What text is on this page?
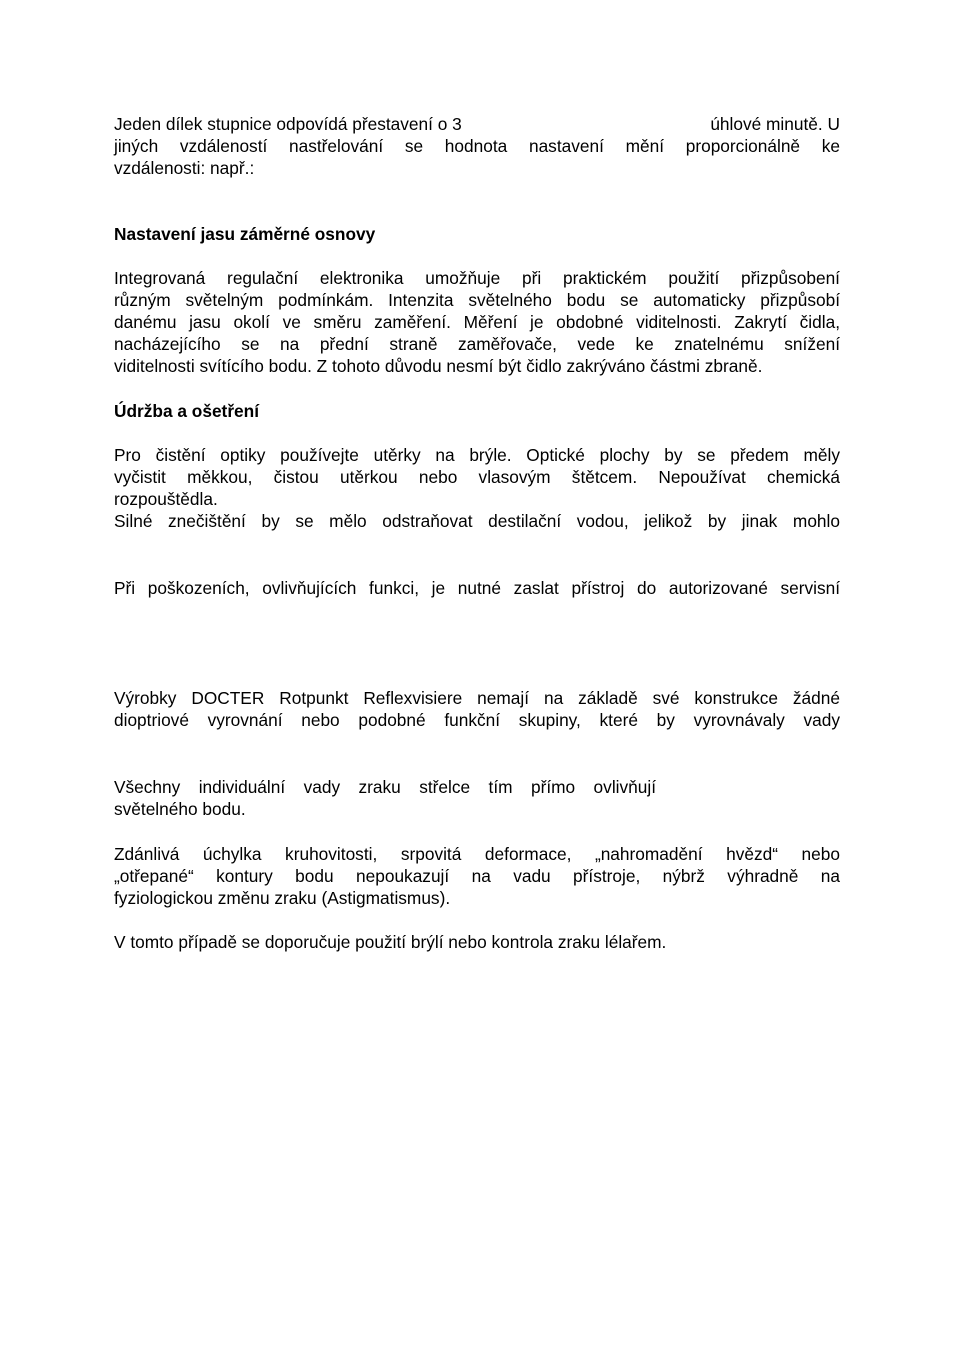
Jeden dílek stupnice odpovídá přestavení o 3	úhlové minutě. U
jiných vzdáleností nastřelování se hodnota nastavení mění proporcionálně ke
vzdálenosti: např.:
Nastavení jasu záměrné osnovy
Integrovaná regulační elektronika umožňuje při praktickém použití přizpůsobení
různým světelným podmínkám. Intenzita světelného bodu se automaticky přizpůsobí
danému jasu okolí ve směru zaměření. Měření je obdobné viditelnosti. Zakrytí čidla,
nacházejícího se na přední straně zaměřovače, vede ke znatelnému snížení
viditelnosti svítícího bodu. Z tohoto důvodu nesmí být čidlo zakrýváno částmi zbraně.
Údržba a ošetření
Pro čistění optiky používejte utěrky na brýle. Optické plochy by se předem měly
vyčistit měkkou, čistou utěrkou nebo vlasovým štětcem. Nepoužívat chemická
rozpouštědla.
Silné znečištění by se mělo odstraňovat destilační vodou, jelikož by jinak mohlo
Při poškozeních, ovlivňujících funkci, je nutné zaslat přístroj do autorizované servisní
Výrobky DOCTER Rotpunkt Reflexvisiere nemají na základě své konstrukce žádné
dioptriové vyrovnání nebo podobné funkční skupiny, které by vyrovnávaly vady
Všechny individuální vady zraku střelce tím přímo ovlivňují
světelného bodu.
Zdánlivá úchylka kruhovitosti, srpovitá deformace, „nahromadění hvězd“ nebo
„otřepané“ kontury bodu nepoukazují na vadu přístroje, nýbrž výhradně na
fyziologickou změnu zraku (Astigmatismus).
V tomto případě se doporučuje použití brýlí nebo kontrola zraku lélařem.
